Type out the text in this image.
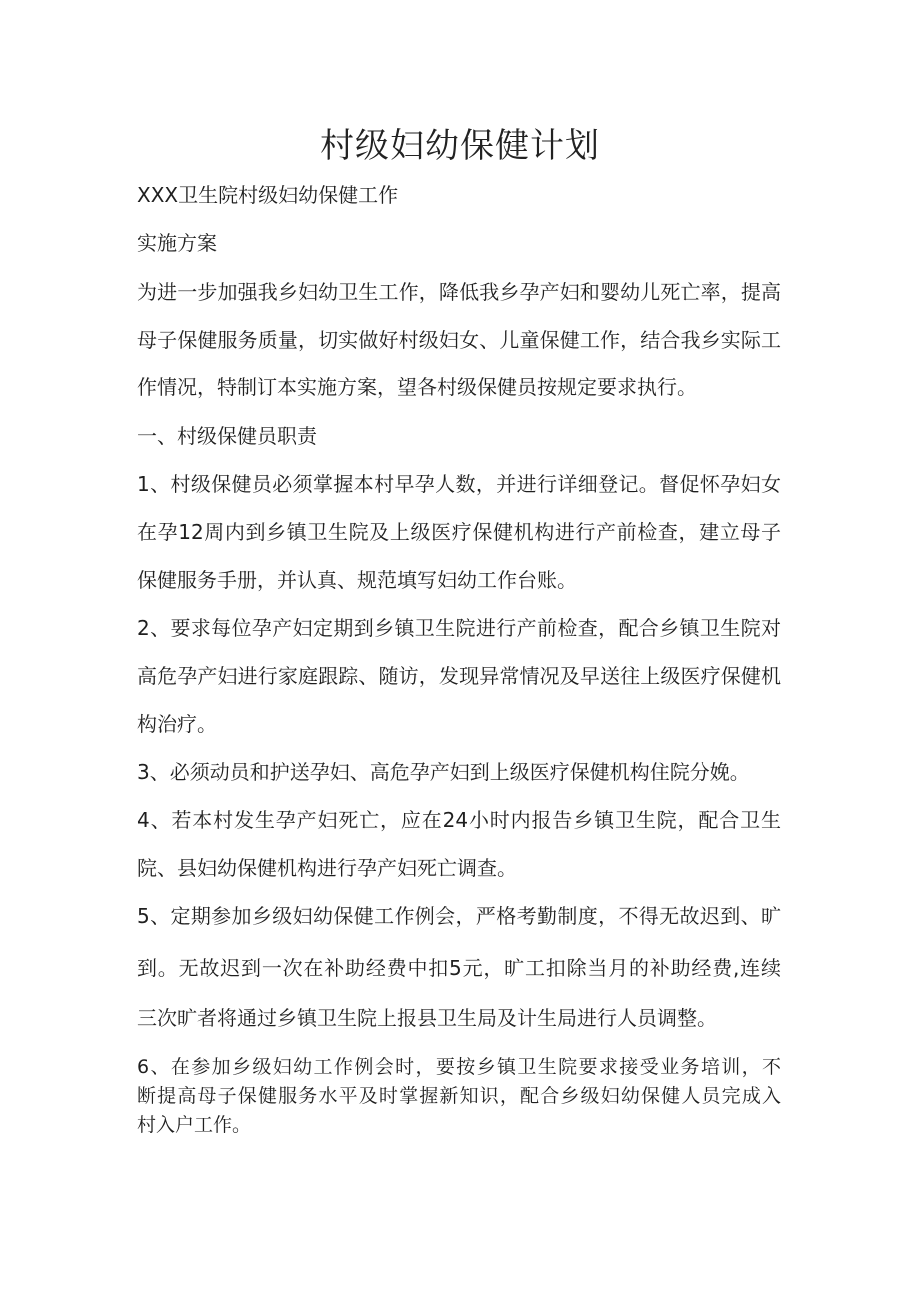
村级妇幼保健计划
XXX卫生院村级妇幼保健工作
实施方案
为进一步加强我乡妇幼卫生工作，降低我乡孕产妇和婴幼儿死亡率，提高
母子保健服务质量，切实做好村级妇女、儿童保健工作，结合我乡实际工
作情况，特制订本实施方案，望各村级保健员按规定要求执行。
一、村级保健员职责
1、村级保健员必须掌握本村早孕人数，并进行详细登记。督促怀孕妇女
在孕12周内到乡镇卫生院及上级医疗保健机构进行产前检查，建立母子
保健服务手册，并认真、规范填写妇幼工作台账。
2、要求每位孕产妇定期到乡镇卫生院进行产前检查，配合乡镇卫生院对
高危孕产妇进行家庭跟踪、随访，发现异常情况及早送往上级医疗保健机
构治疗。
3、必须动员和护送孕妇、高危孕产妇到上级医疗保健机构住院分娩。
4、若本村发生孕产妇死亡，应在24小时内报告乡镇卫生院，配合卫生
院、县妇幼保健机构进行孕产妇死亡调查。
5、定期参加乡级妇幼保健工作例会，严格考勤制度，不得无故迟到、旷
到。无故迟到一次在补助经费中扣5元，旷工扣除当月的补助经费,连续
三次旷者将通过乡镇卫生院上报县卫生局及计生局进行人员调整。
6、在参加乡级妇幼工作例会时，要按乡镇卫生院要求接受业务培训，不
断提高母子保健服务水平及时掌握新知识，配合乡级妇幼保健人员完成入
村入户工作。
